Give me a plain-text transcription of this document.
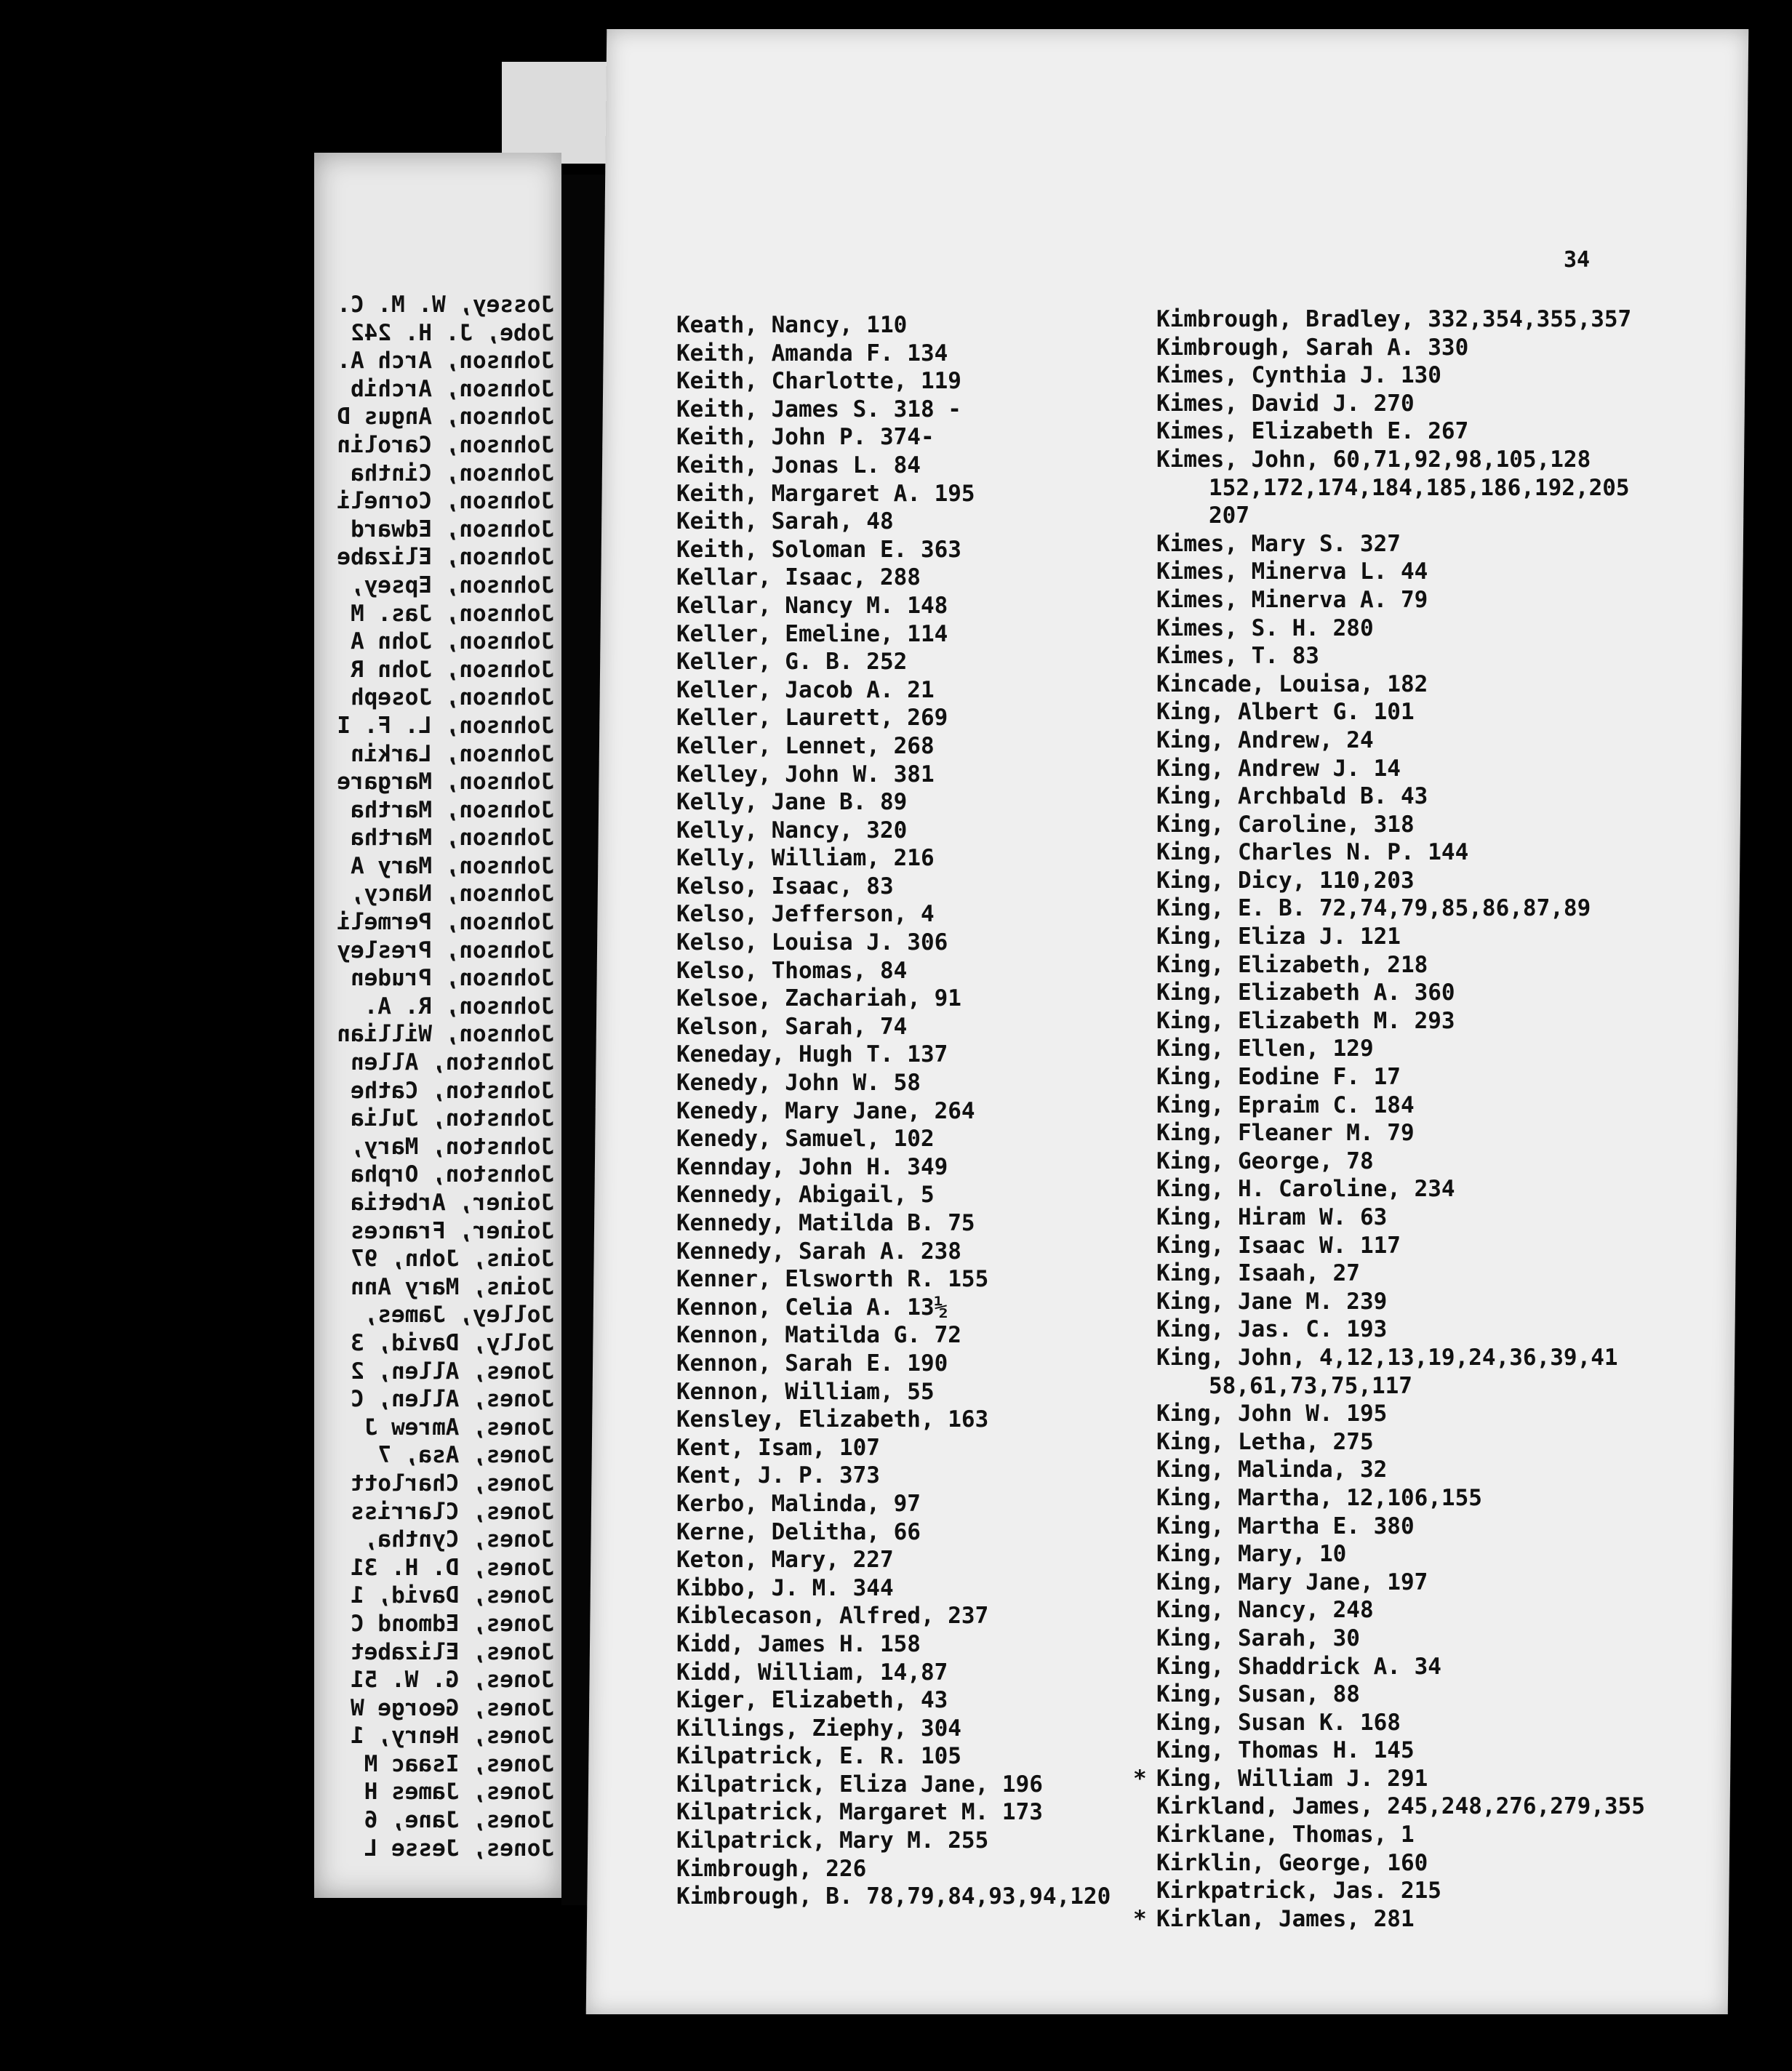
Jossey, W. M. C.
Jobe, J. H. 242
Johnson, Arch A.
Johnson, Archib
Johnson, Angus D
Johnson, Carolin
Johnson, Cintha
Johnson, Corneli
Johnson, Edward
Johnson, Elizabe
Johnson, Epsey,
Johnson, Jas. M
Johnson, John A
Johnson, John R
Johnson, Joseph
Johnson, L. F. I
Johnson, Larkin
Johnson, Margare
Johnson, Martha
Johnson, Martha
Johnson, Mary A
Johnson, Nancy,
Johnson, Permeli
Johnson, Presley
Johnson, Pruden
Johnson, R. A.
Johnson, Willian
Johnston, Allen
Johnston, Cathe
Johnston, Julia
Johnston, Mary,
Johnston, Orpha
Joiner, Arbetia
Joiner, Frances
Joins, John, 97
Joins, Mary Ann
Jolley, James,
Jolly, David, 3
Jones, Allen, 2
Jones, Allen, C
Jones, Amrew J
Jones, Asa, 7
Jones, Charlott
Jones, Clarriss
Jones, Cyntha,
Jones, D. H. 31
Jones, David, 1
Jones, Edmond C
Jones, Elizabet
Jones, G. W. 51
Jones, George W
Jones, Henry, 1
Jones, Isaac M
Jones, James H
Jones, Jane, 6
Jones, Jesse L
34
Keath, Nancy, 110
Keith, Amanda F. 134
Keith, Charlotte, 119
Keith, James S. 318 -
Keith, John P. 374-
Keith, Jonas L. 84
Keith, Margaret A. 195
Keith, Sarah, 48
Keith, Soloman E. 363
Kellar, Isaac, 288
Kellar, Nancy M. 148
Keller, Emeline, 114
Keller, G. B. 252
Keller, Jacob A. 21
Keller, Laurett, 269
Keller, Lennet, 268
Kelley, John W. 381
Kelly, Jane B. 89
Kelly, Nancy, 320
Kelly, William, 216
Kelso, Isaac, 83
Kelso, Jefferson, 4
Kelso, Louisa J. 306
Kelso, Thomas, 84
Kelsoe, Zachariah, 91
Kelson, Sarah, 74
Keneday, Hugh T. 137
Kenedy, John W. 58
Kenedy, Mary Jane, 264
Kenedy, Samuel, 102
Kennday, John H. 349
Kennedy, Abigail, 5
Kennedy, Matilda B. 75
Kennedy, Sarah A. 238
Kenner, Elsworth R. 155
Kennon, Celia A. 13½
Kennon, Matilda G. 72
Kennon, Sarah E. 190
Kennon, William, 55
Kensley, Elizabeth, 163
Kent, Isam, 107
Kent, J. P. 373
Kerbo, Malinda, 97
Kerne, Delitha, 66
Keton, Mary, 227
Kibbo, J. M. 344
Kiblecason, Alfred, 237
Kidd, James H. 158
Kidd, William, 14,87
Kiger, Elizabeth, 43
Killings, Ziephy, 304
Kilpatrick, E. R. 105
Kilpatrick, Eliza Jane, 196
Kilpatrick, Margaret M. 173
Kilpatrick, Mary M. 255
Kimbrough, 226
Kimbrough, B. 78,79,84,93,94,120
Kimbrough, Bradley, 332,354,355,357
Kimbrough, Sarah A. 330
Kimes, Cynthia J. 130
Kimes, David J. 270
Kimes, Elizabeth E. 267
Kimes, John, 60,71,92,98,105,128
152,172,174,184,185,186,192,205
207
Kimes, Mary S. 327
Kimes, Minerva L. 44
Kimes, Minerva A. 79
Kimes, S. H. 280
Kimes, T. 83
Kincade, Louisa, 182
King, Albert G. 101
King, Andrew, 24
King, Andrew J. 14
King, Archbald B. 43
King, Caroline, 318
King, Charles N. P. 144
King, Dicy, 110,203
King, E. B. 72,74,79,85,86,87,89
King, Eliza J. 121
King, Elizabeth, 218
King, Elizabeth A. 360
King, Elizabeth M. 293
King, Ellen, 129
King, Eodine F. 17
King, Epraim C. 184
King, Fleaner M. 79
King, George, 78
King, H. Caroline, 234
King, Hiram W. 63
King, Isaac W. 117
King, Isaah, 27
King, Jane M. 239
King, Jas. C. 193
King, John, 4,12,13,19,24,36,39,41
58,61,73,75,117
King, John W. 195
King, Letha, 275
King, Malinda, 32
King, Martha, 12,106,155
King, Martha E. 380
King, Mary, 10
King, Mary Jane, 197
King, Nancy, 248
King, Sarah, 30
King, Shaddrick A. 34
King, Susan, 88
King, Susan K. 168
King, Thomas H. 145
* King, William J. 291
Kirkland, James, 245,248,276,279,355
Kirklane, Thomas, 1
Kirklin, George, 160
Kirkpatrick, Jas. 215
* Kirklan, James, 281
